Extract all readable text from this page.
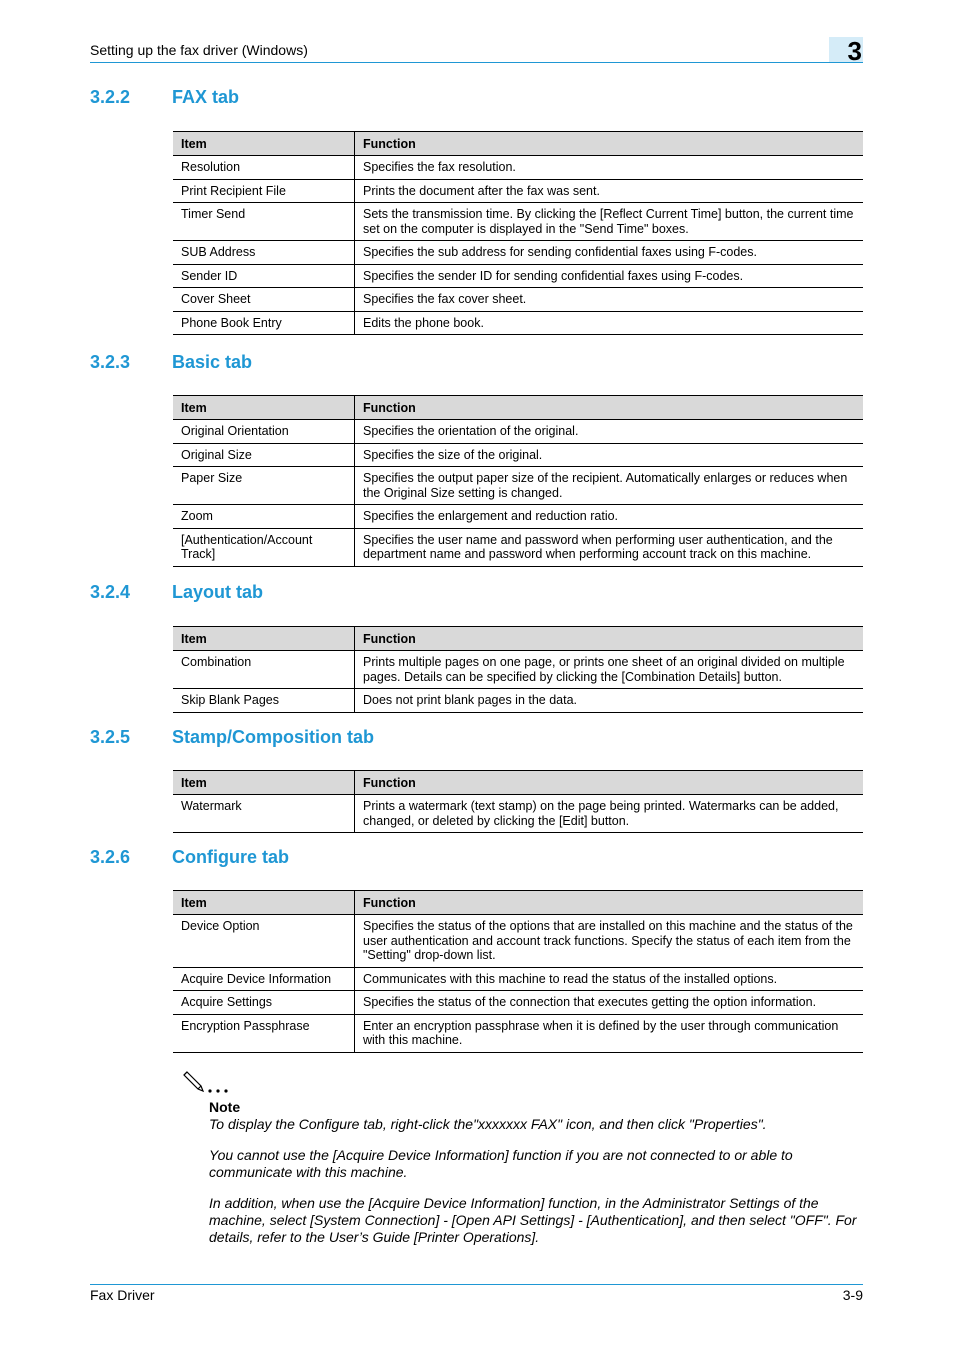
Setting up the fax driver (Windows)	3
3.2.2 FAX tab
Item	Function
Resolution	Specifies the fax resolution.
Print Recipient File	Prints the document after the fax was sent.
Timer Send	Sets the transmission time. By clicking the [Reflect Current Time] button, the current time set on the computer is displayed in the "Send Time" boxes.
SUB Address	Specifies the sub address for sending confidential faxes using F-codes.
Sender ID	Specifies the sender ID for sending confidential faxes using F-codes.
Cover Sheet	Specifies the fax cover sheet.
Phone Book Entry	Edits the phone book.
3.2.3 Basic tab
Item	Function
Original Orientation	Specifies the orientation of the original.
Original Size	Specifies the size of the original.
Paper Size	Specifies the output paper size of the recipient. Automatically enlarges or reduces when the Original Size setting is changed.
Zoom	Specifies the enlargement and reduction ratio.
[Authentication/Account Track]	Specifies the user name and password when performing user authentication, and the department name and password when performing account track on this machine.
3.2.4 Layout tab
Item	Function
Combination	Prints multiple pages on one page, or prints one sheet of an original divided on multiple pages. Details can be specified by clicking the [Combination Details] button.
Skip Blank Pages	Does not print blank pages in the data.
3.2.5 Stamp/Composition tab
Item	Function
Watermark	Prints a watermark (text stamp) on the page being printed. Watermarks can be added, changed, or deleted by clicking the [Edit] button.
3.2.6 Configure tab
Item	Function
Device Option	Specifies the status of the options that are installed on this machine and the status of the user authentication and account track functions. Specify the status of each item from the "Setting" drop-down list.
Acquire Device Information	Communicates with this machine to read the status of the installed options.
Acquire Settings	Specifies the status of the connection that executes getting the option information.
Encryption Passphrase	Enter an encryption passphrase when it is defined by the user through communication with this machine.
Note
To display the Configure tab, right-click the"xxxxxxx FAX" icon, and then click "Properties".
You cannot use the [Acquire Device Information] function if you are not connected to or able to communicate with this machine.
In addition, when use the [Acquire Device Information] function, in the Administrator Settings of the machine, select [System Connection] - [Open API Settings] - [Authentication], and then select "OFF". For details, refer to the User’s Guide [Printer Operations].
Fax Driver	3-9
